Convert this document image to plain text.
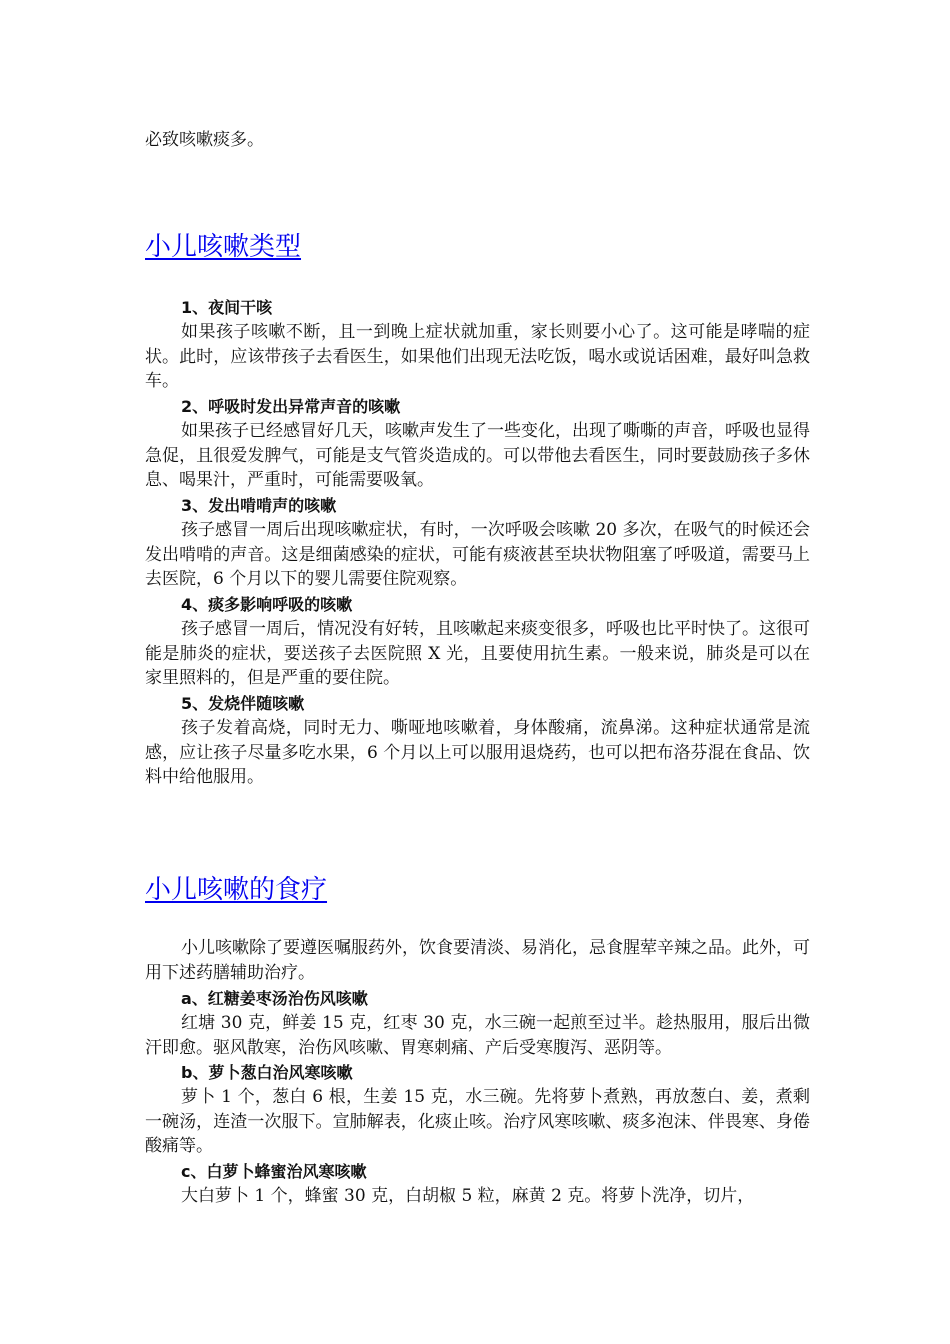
必致咳嗽痰多。

小儿咳嗽类型

1、夜间干咳

如果孩子咳嗽不断，且一到晚上症状就加重，家长则要小心了。这可能是哮喘的症状。此时，应该带孩子去看医生，如果他们出现无法吃饭，喝水或说话困难，最好叫急救车。

2、呼吸时发出异常声音的咳嗽

如果孩子已经感冒好几天，咳嗽声发生了一些变化，出现了嘶嘶的声音，呼吸也显得急促，且很爱发脾气，可能是支气管炎造成的。可以带他去看医生，同时要鼓励孩子多休息、喝果汁，严重时，可能需要吸氧。

3、发出啃啃声的咳嗽

孩子感冒一周后出现咳嗽症状，有时，一次呼吸会咳嗽 20 多次，在吸气的时候还会发出啃啃的声音。这是细菌感染的症状，可能有痰液甚至块状物阻塞了呼吸道，需要马上去医院，6 个月以下的婴儿需要住院观察。

4、痰多影响呼吸的咳嗽

孩子感冒一周后，情况没有好转，且咳嗽起来痰变很多，呼吸也比平时快了。这很可能是肺炎的症状，要送孩子去医院照 X 光，且要使用抗生素。一般来说，肺炎是可以在家里照料的，但是严重的要住院。

5、发烧伴随咳嗽

孩子发着高烧，同时无力、嘶哑地咳嗽着，身体酸痛，流鼻涕。这种症状通常是流感，应让孩子尽量多吃水果，6 个月以上可以服用退烧药，也可以把布洛芬混在食品、饮料中给他服用。

小儿咳嗽的食疗

小儿咳嗽除了要遵医嘱服药外，饮食要清淡、易消化，忌食腥荤辛辣之品。此外，可用下述药膳辅助治疗。

a、红糖姜枣汤治伤风咳嗽

红塘 30 克，鲜姜 15 克，红枣 30 克，水三碗一起煎至过半。趁热服用，服后出微汗即愈。驱风散寒，治伤风咳嗽、胃寒刺痛、产后受寒腹泻、恶阴等。

b、萝卜葱白治风寒咳嗽

萝卜 1 个，葱白 6 根，生姜 15 克，水三碗。先将萝卜煮熟，再放葱白、姜，煮剩一碗汤，连渣一次服下。宣肺解表，化痰止咳。治疗风寒咳嗽、痰多泡沫、伴畏寒、身倦酸痛等。

c、白萝卜蜂蜜治风寒咳嗽

大白萝卜 1 个，蜂蜜 30 克，白胡椒 5 粒，麻黄 2 克。将萝卜洗净，切片，
